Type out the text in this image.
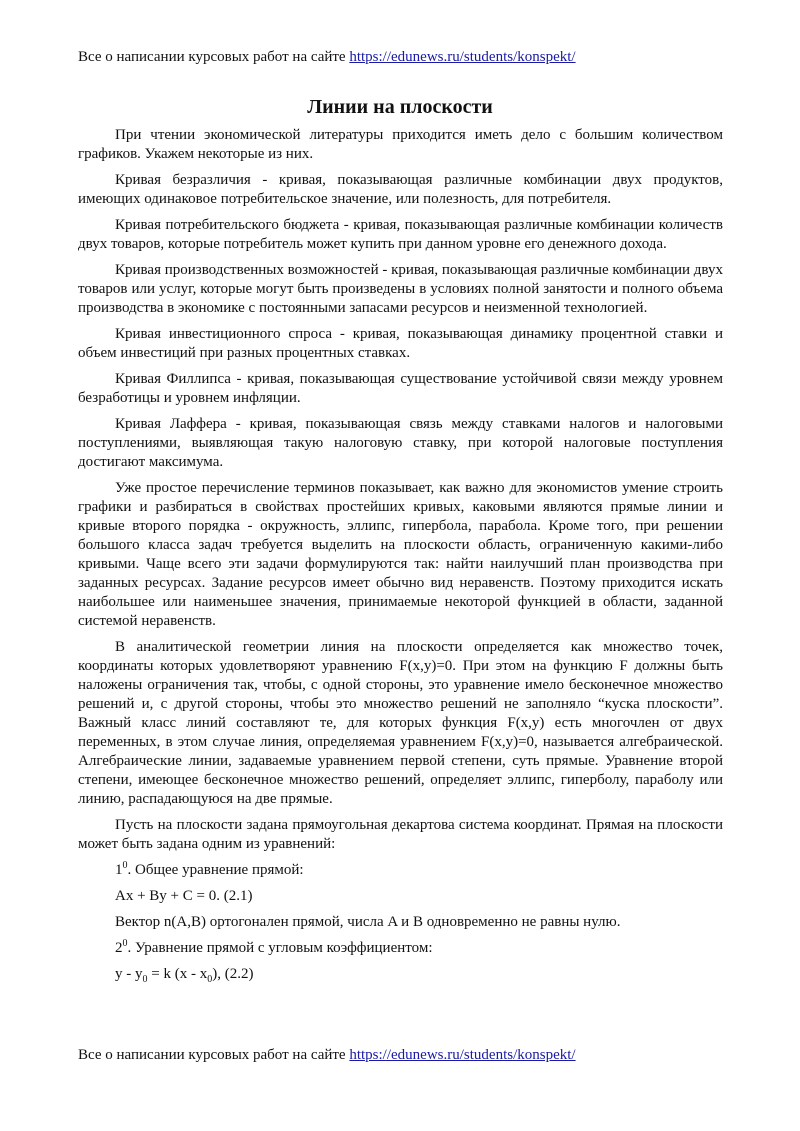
Все о написании курсовых работ на сайте https://edunews.ru/students/konspekt/
Линии на плоскости

При чтении экономической литературы приходится иметь дело с большим количеством графиков. Укажем некоторые из них.

Кривая безразличия - кривая, показывающая различные комбинации двух продуктов, имеющих одинаковое потребительское значение, или полезность, для потребителя.

Кривая потребительского бюджета - кривая, показывающая различные комбинации количеств двух товаров, которые потребитель может купить при данном уровне его денежного дохода.

Кривая производственных возможностей - кривая, показывающая различные комбинации двух товаров или услуг, которые могут быть произведены в условиях полной занятости и полного объема производства в экономике с постоянными запасами ресурсов и неизменной технологией.

Кривая инвестиционного спроса - кривая, показывающая динамику процентной ставки и объем инвестиций при разных процентных ставках.

Кривая Филлипса - кривая, показывающая существование устойчивой связи между уровнем безработицы и уровнем инфляции.

Кривая Лаффера - кривая, показывающая связь между ставками налогов и налоговыми поступлениями, выявляющая такую налоговую ставку, при которой налоговые поступления достигают максимума.

Уже простое перечисление терминов показывает, как важно для экономистов умение строить графики и разбираться в свойствах простейших кривых, каковыми являются прямые линии и кривые второго порядка - окружность, эллипс, гипербола, парабола. Кроме того, при решении большого класса задач требуется выделить на плоскости область, ограниченную какими-либо кривыми. Чаще всего эти задачи формулируются так: найти наилучший план производства при заданных ресурсах. Задание ресурсов имеет обычно вид неравенств. Поэтому приходится искать наибольшее или наименьшее значения, принимаемые некоторой функцией в области, заданной системой неравенств.

В аналитической геометрии линия на плоскости определяется как множество точек, координаты которых удовлетворяют уравнению F(x,y)=0. При этом на функцию F должны быть наложены ограничения так, чтобы, с одной стороны, это уравнение имело бесконечное множество решений и, с другой стороны, чтобы это множество решений не заполняло “куска плоскости”. Важный класс линий составляют те, для которых функция F(x,y) есть многочлен от двух переменных, в этом случае линия, определяемая уравнением F(x,y)=0, называется алгебраической. Алгебраические линии, задаваемые уравнением первой степени, суть прямые. Уравнение второй степени, имеющее бесконечное множество решений, определяет эллипс, гиперболу, параболу или линию, распадающуюся на две прямые.

Пусть на плоскости задана прямоугольная декартова система координат. Прямая на плоскости может быть задана одним из уравнений:

$1^0$. Общее уравнение прямой:

Ax + By + C = 0. (2.1)

Вектор n(A,B) ортогонален прямой, числа A и B одновременно не равны нулю.

$2^0$. Уравнение прямой с угловым коэффициентом:

$y - y_0 = k$ $(x - x_0)$, (2.2)

Все о написании курсовых работ на сайте https://edunews.ru/students/konspekt/
